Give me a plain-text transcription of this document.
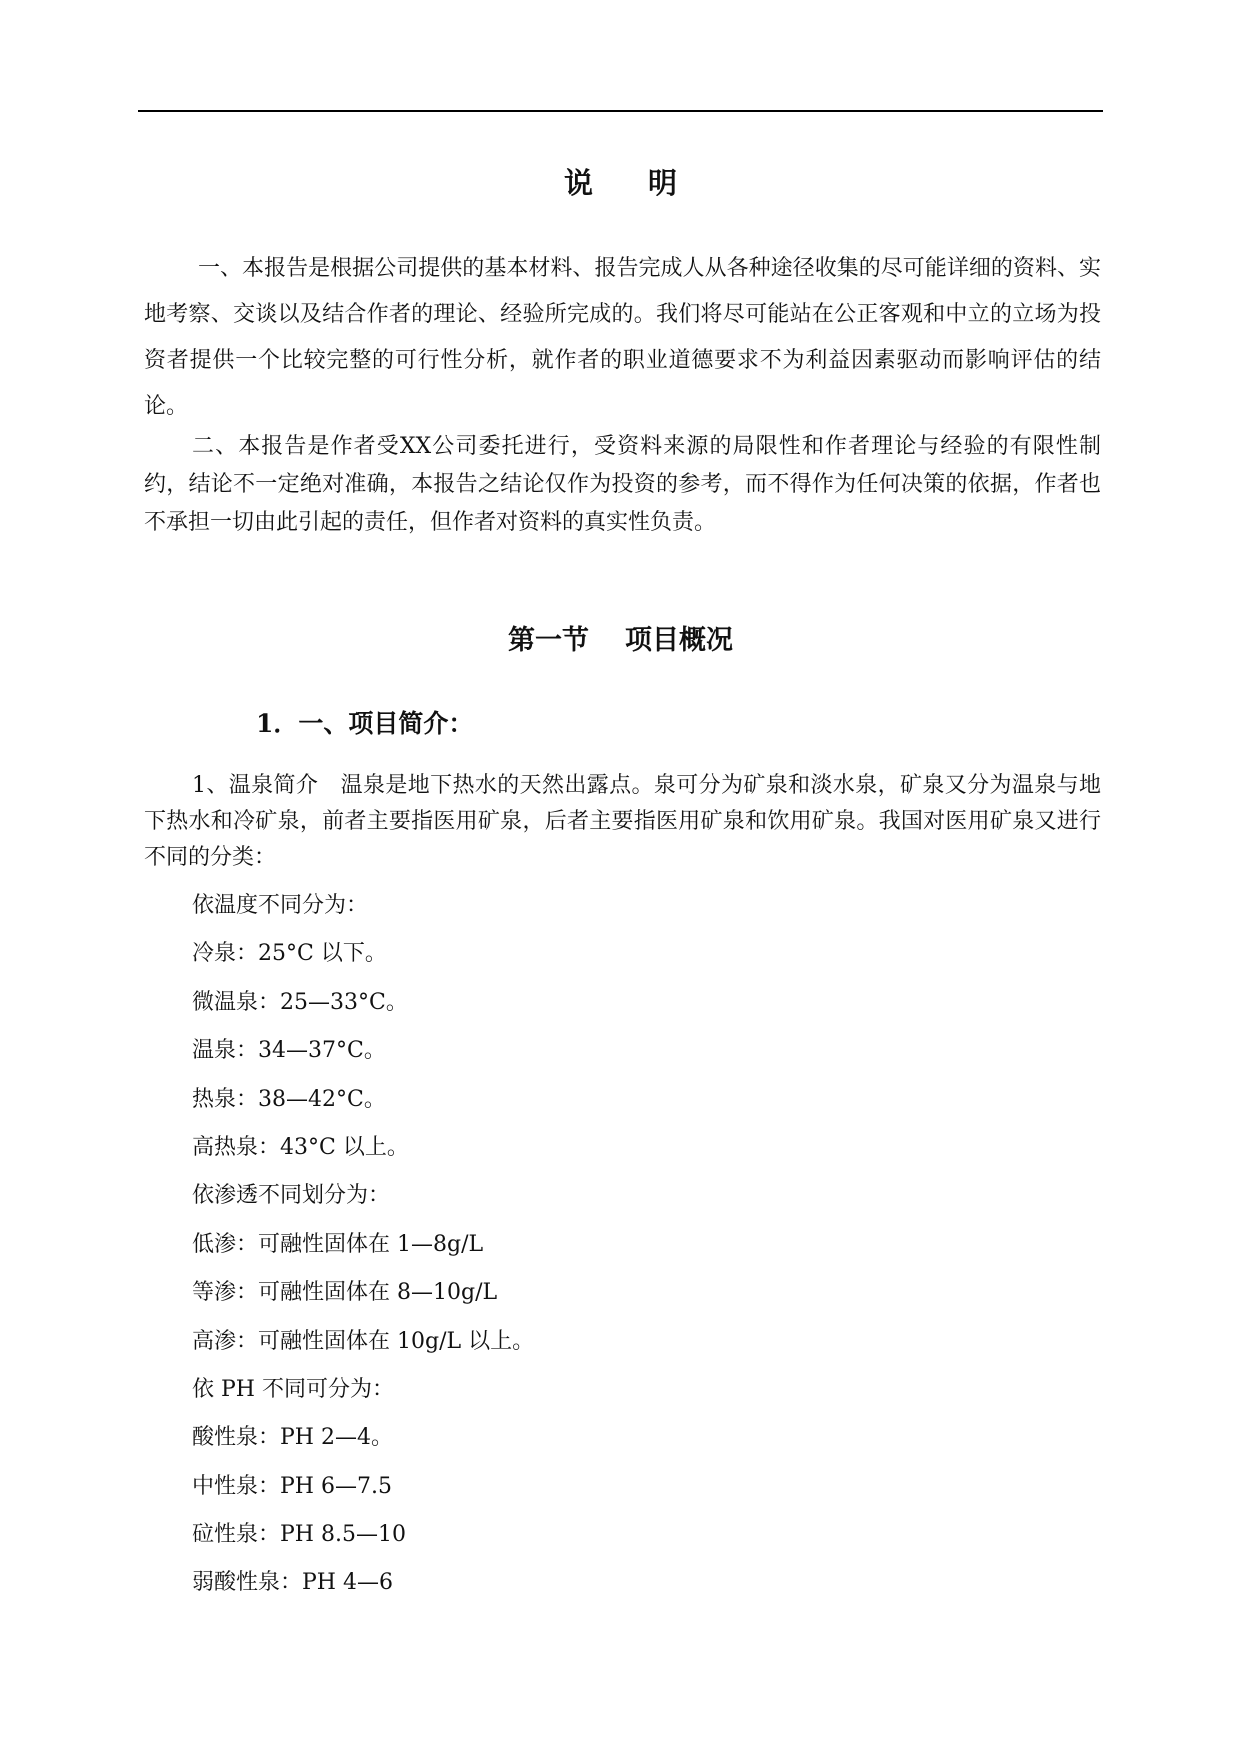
说明
一、本报告是根据公司提供的基本材料、报告完成人从各种途径收集的尽可能详细的资料、实地考察、交谈以及结合作者的理论、经验所完成的。我们将尽可能站在公正客观和中立的立场为投资者提供一个比较完整的可行性分析，就作者的职业道德要求不为利益因素驱动而影响评估的结论。
二、本报告是作者受XX公司委托进行，受资料来源的局限性和作者理论与经验的有限性制约，结论不一定绝对准确，本报告之结论仅作为投资的参考，而不得作为任何决策的依据，作者也不承担一切由此引起的责任，但作者对资料的真实性负责。
第一节 项目概况
1．一、项目简介：
1、温泉简介 温泉是地下热水的天然出露点。泉可分为矿泉和淡水泉，矿泉又分为温泉与地下热水和冷矿泉，前者主要指医用矿泉，后者主要指医用矿泉和饮用矿泉。我国对医用矿泉又进行不同的分类：
依温度不同分为：
冷泉：25°C 以下。
微温泉：25—33°C。
温泉：34—37°C。
热泉：38—42°C。
高热泉：43°C 以上。
依渗透不同划分为：
低渗：可融性固体在 1—8g/L
等渗：可融性固体在 8—10g/L
高渗：可融性固体在 10g/L 以上。
依 PH 不同可分为：
酸性泉：PH 2—4。
中性泉：PH 6—7.5
砬性泉：PH 8.5—10
弱酸性泉：PH 4—6
